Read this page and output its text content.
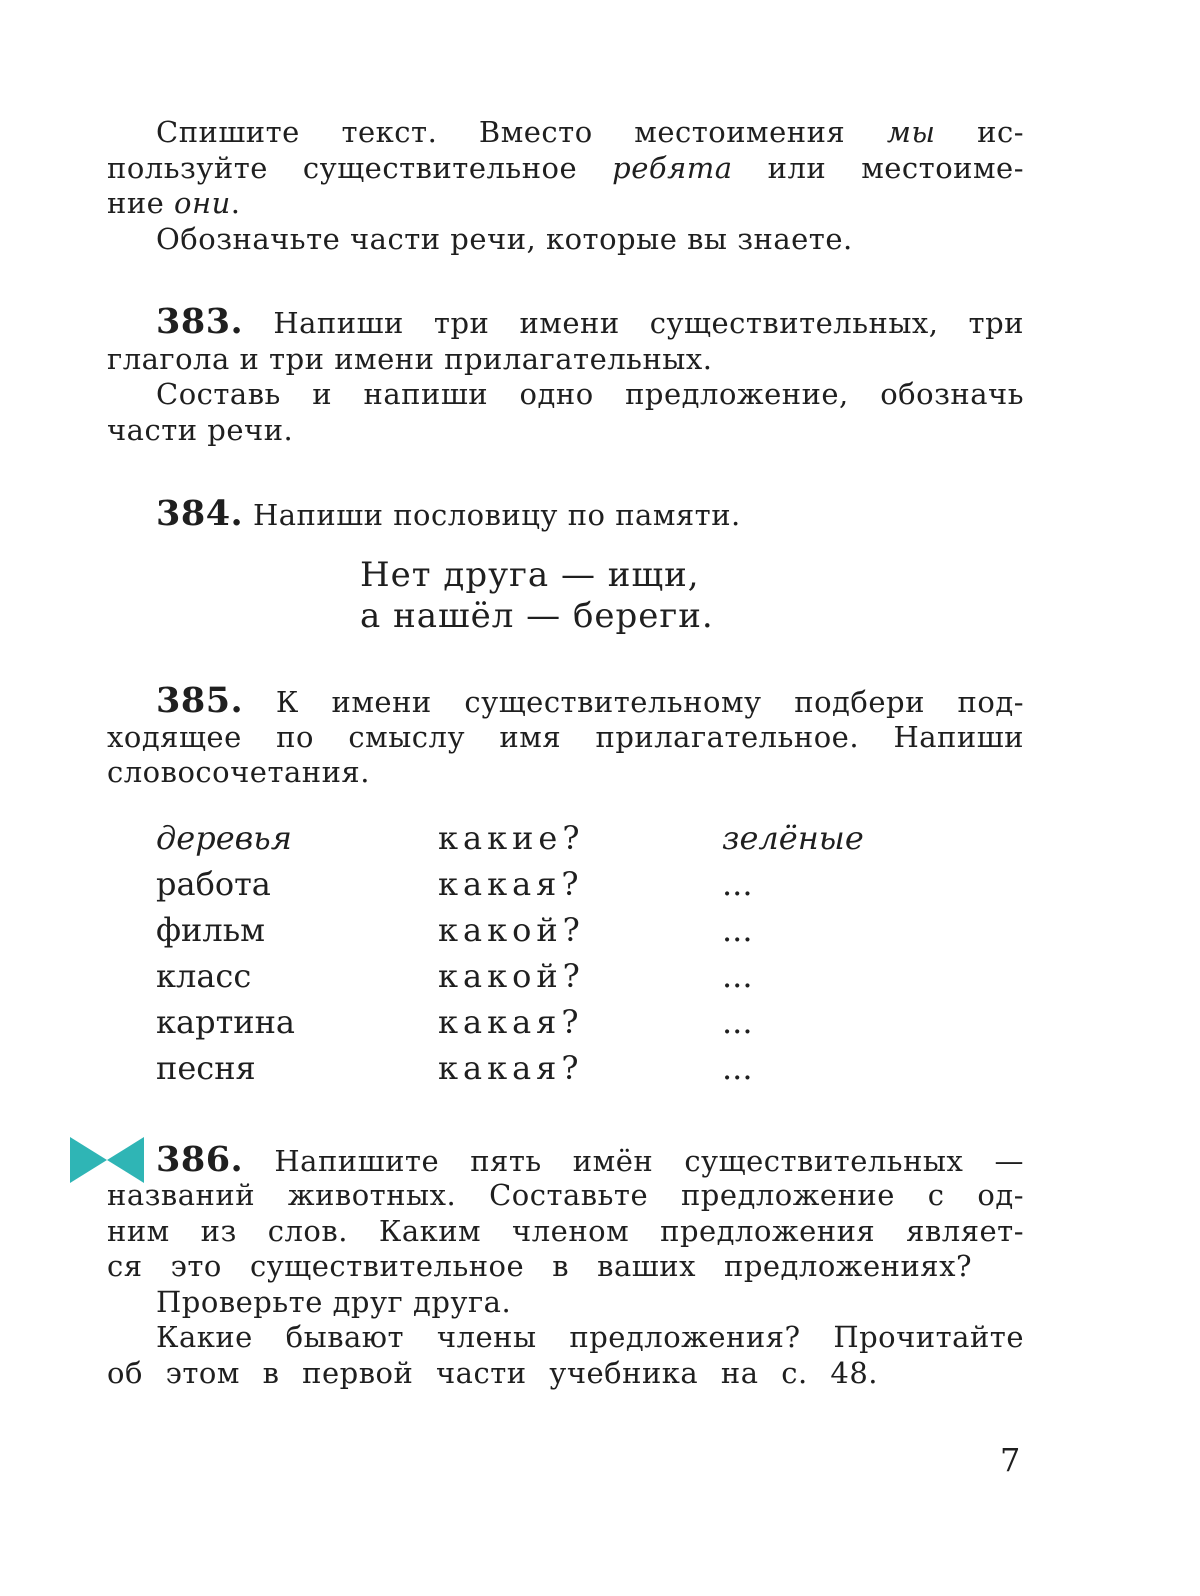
Спишите текст. Вместо местоимения мы ис-
пользуйте существительное ребята или местоиме-
ние они.
Обозначьте части речи, которые вы знаете.
383. Напиши три имени существительных, три
глагола и три имени прилагательных.
Составь и напиши одно предложение, обозначь
части речи.
384. Напиши пословицу по памяти.
Нет друга — ищи,
а нашёл — береги.
385. К имени существительному подбери под-
ходящее по смыслу имя прилагательное. Напиши
словосочетания.
деревья	какие?	зелёные
работа	какая?	...
фильм	какой?	...
класс	какой?	...
картина	какая?	...
песня	какая?	...
386. Напишите пять имён существительных —
названий животных. Составьте предложение с од-
ним из слов. Каким членом предложения являет-
ся это существительное в ваших предложениях?
Проверьте друг друга.
Какие бывают члены предложения? Прочитайте
об этом в первой части учебника на с. 48.
7
